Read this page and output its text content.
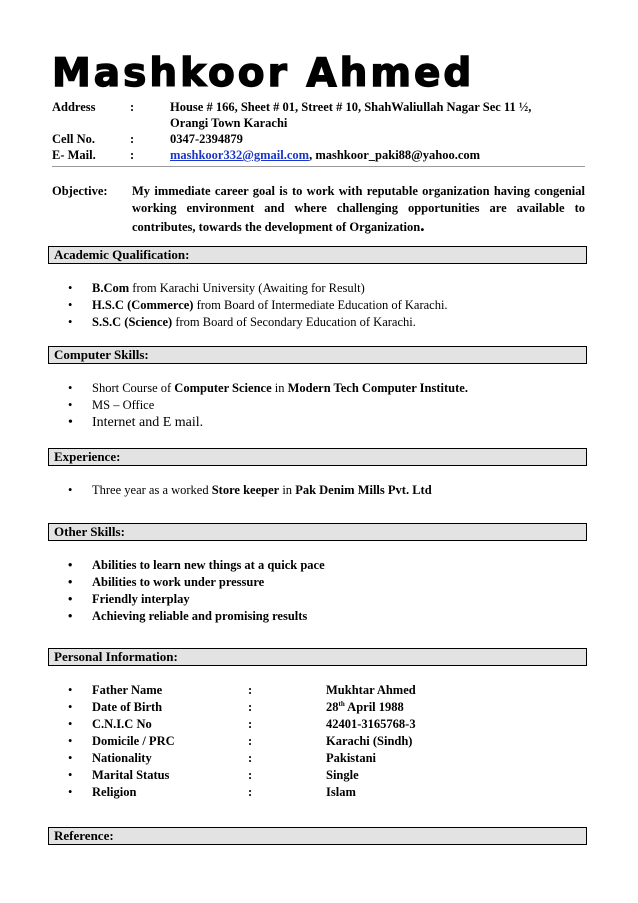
Mashkoor Ahmed
Address	:	House # 166, Sheet # 01, Street # 10, ShahWaliullah Nagar Sec 11 ½,
Orangi Town Karachi
Cell No.	:	0347-2394879
E- Mail.	:	mashkoor332@gmail.com, mashkoor_paki88@yahoo.com
Objective:	My immediate career goal is to work with reputable organization having congenial working environment and where challenging opportunities are available to contributes, towards the development of Organization.
Academic Qualification:
• B.Com from Karachi University (Awaiting for Result)
• H.S.C (Commerce) from Board of Intermediate Education of Karachi.
• S.S.C (Science) from Board of Secondary Education of Karachi.
Computer Skills:
• Short Course of Computer Science in Modern Tech Computer Institute.
• MS – Office
• Internet and E mail.
Experience:
• Three year as a worked Store keeper in Pak Denim Mills Pvt. Ltd
Other Skills:
• Abilities to learn new things at a quick pace
• Abilities to work under pressure
• Friendly interplay
• Achieving reliable and promising results
Personal Information:
• Father Name	:	Mukhtar Ahmed
• Date of Birth	:	28th April 1988
• C.N.I.C No	:	42401-3165768-3
• Domicile / PRC	:	Karachi (Sindh)
• Nationality	:	Pakistani
• Marital Status	:	Single
• Religion	:	Islam
Reference:
